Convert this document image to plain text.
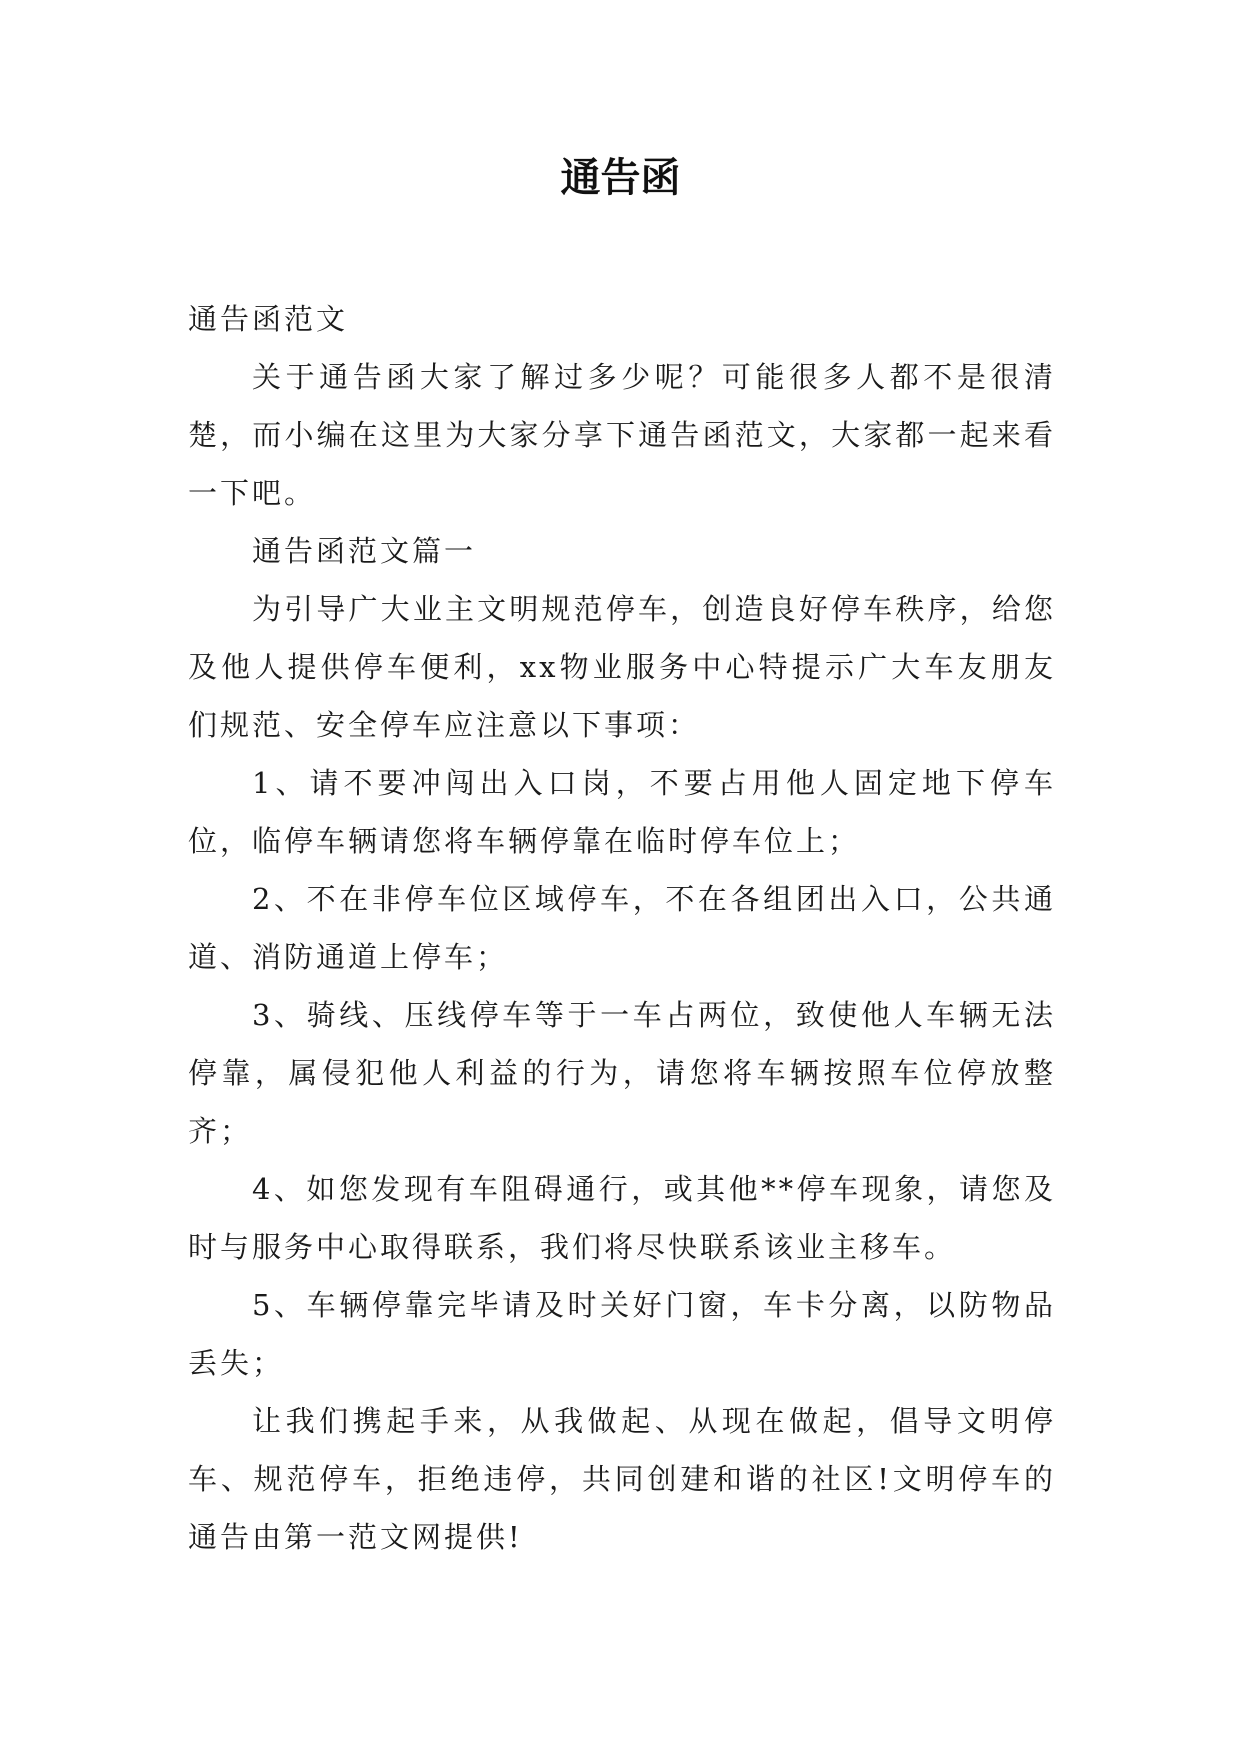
通告函

通告函范文

关于通告函大家了解过多少呢？可能很多人都不是很清楚，而小编在这里为大家分享下通告函范文，大家都一起来看一下吧。

通告函范文篇一

为引导广大业主文明规范停车，创造良好停车秩序，给您及他人提供停车便利，xx物业服务中心特提示广大车友朋友们规范、安全停车应注意以下事项：

1、请不要冲闯出入口岗，不要占用他人固定地下停车位，临停车辆请您将车辆停靠在临时停车位上；

2、不在非停车位区域停车，不在各组团出入口，公共通道、消防通道上停车；

3、骑线、压线停车等于一车占两位，致使他人车辆无法停靠，属侵犯他人利益的行为，请您将车辆按照车位停放整齐；

4、如您发现有车阻碍通行，或其他**停车现象，请您及时与服务中心取得联系，我们将尽快联系该业主移车。

5、车辆停靠完毕请及时关好门窗，车卡分离，以防物品丢失；

让我们携起手来，从我做起、从现在做起，倡导文明停车、规范停车，拒绝违停，共同创建和谐的社区!文明停车的通告由第一范文网提供!
